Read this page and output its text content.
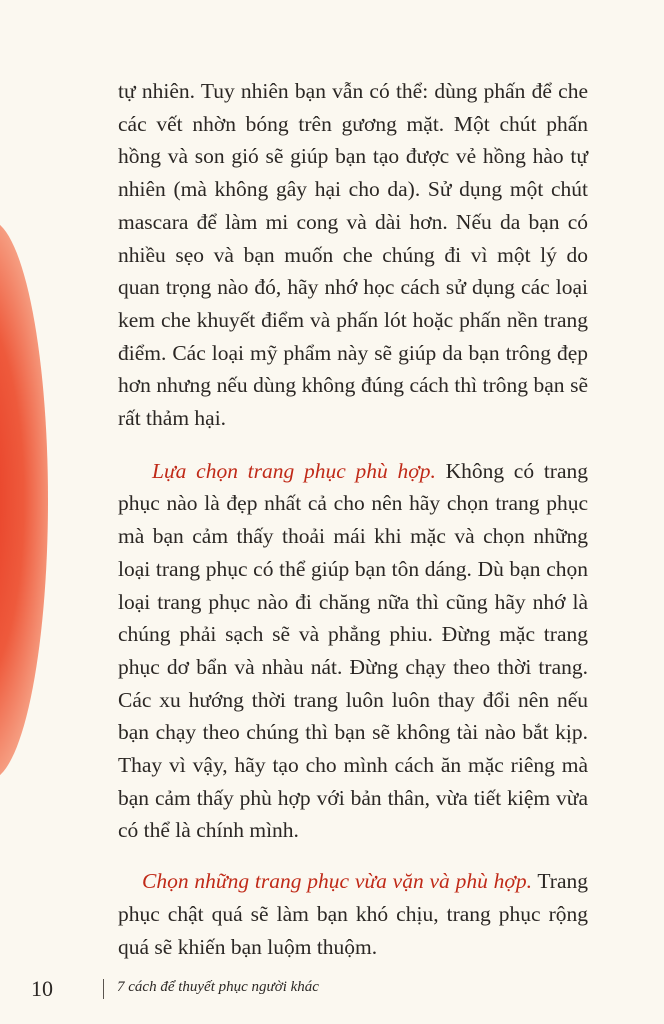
tự nhiên. Tuy nhiên bạn vẫn có thể: dùng phấn để che các vết nhờn bóng trên gương mặt. Một chút phấn hồng và son gió sẽ giúp bạn tạo được vẻ hồng hào tự nhiên (mà không gây hại cho da). Sử dụng một chút mascara để làm mi cong và dài hơn. Nếu da bạn có nhiều sẹo và bạn muốn che chúng đi vì một lý do quan trọng nào đó, hãy nhớ học cách sử dụng các loại kem che khuyết điểm và phấn lót hoặc phấn nền trang điểm. Các loại mỹ phẩm này sẽ giúp da bạn trông đẹp hơn nhưng nếu dùng không đúng cách thì trông bạn sẽ rất thảm hại.

Lựa chọn trang phục phù hợp. Không có trang phục nào là đẹp nhất cả cho nên hãy chọn trang phục mà bạn cảm thấy thoải mái khi mặc và chọn những loại trang phục có thể giúp bạn tôn dáng. Dù bạn chọn loại trang phục nào đi chăng nữa thì cũng hãy nhớ là chúng phải sạch sẽ và phẳng phiu. Đừng mặc trang phục dơ bẩn và nhàu nát. Đừng chạy theo thời trang. Các xu hướng thời trang luôn luôn thay đổi nên nếu bạn chạy theo chúng thì bạn sẽ không tài nào bắt kịp. Thay vì vậy, hãy tạo cho mình cách ăn mặc riêng mà bạn cảm thấy phù hợp với bản thân, vừa tiết kiệm vừa có thể là chính mình.

Chọn những trang phục vừa vặn và phù hợp. Trang phục chật quá sẽ làm bạn khó chịu, trang phục rộng quá sẽ khiến bạn luộm thuộm.

10	7 cách để thuyết phục người khác
